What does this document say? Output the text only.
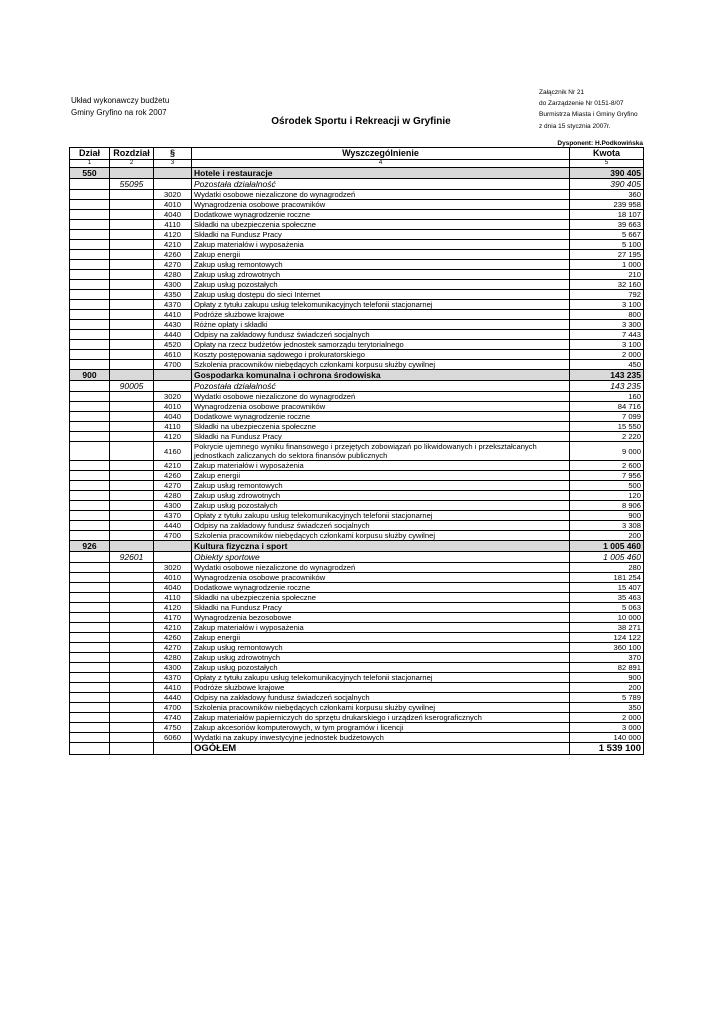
Układ wykonawczy budżetu
Gminy Gryfino na rok 2007
Załącznik Nr 21
do Zarządzenie Nr 0151-8/07
Burmistrza Miasta i Gminy Gryfino
z dnia 15 stycznia 2007r.
Ośrodek Sportu i Rekreacji w Gryfinie
Dysponent: H.Podkowińska
Dział	Rozdział	§	Wyszczególnienie	Kwota
1	2	3	4	5
550			Hotele i restauracje	390 405
	55095		Pozostała działalność	390 405
		3020	Wydatki osobowe niezaliczone do wynagrodzeń	360
		4010	Wynagrodzenia osobowe pracowników	239 958
		4040	Dodatkowe wynagrodzenie roczne	18 107
		4110	Składki na ubezpieczenia społeczne	39 663
		4120	Składki na Fundusz Pracy	5 667
		4210	Zakup materiałów i wyposażenia	5 100
		4260	Zakup energii	27 195
		4270	Zakup usług remontowych	1 000
		4280	Zakup usług zdrowotnych	210
		4300	Zakup usług pozostałych	32 160
		4350	Zakup usług dostępu do sieci Internet	792
		4370	Opłaty z tytułu zakupu usług telekomunikacyjnych telefonii stacjonarnej	3 100
		4410	Podróże służbowe krajowe	800
		4430	Różne opłaty i składki	3 300
		4440	Odpisy na zakładowy fundusz świadczeń socjalnych	7 443
		4520	Opłaty na rzecz budżetów jednostek samorządu terytorialnego	3 100
		4610	Koszty postępowania sądowego i prokuratorskiego	2 000
		4700	Szkolenia pracowników niebędących członkami korpusu służby cywilnej	450
900			Gospodarka komunalna i ochrona środowiska	143 235
	90005		Pozostała działalność	143 235
		3020	Wydatki osobowe niezaliczone do wynagrodzeń	160
		4010	Wynagrodzenia osobowe pracowników	84 716
		4040	Dodatkowe wynagrodzenie roczne	7 099
		4110	Składki na ubezpieczenia społeczne	15 550
		4120	Składki na Fundusz Pracy	2 220
		4160	Pokrycie ujemnego wyniku finansowego i przejętych zobowiązań po likwidowanych i przekształcanych jednostkach zaliczanych do sektora finansów publicznych	9 000
		4210	Zakup materiałów i wyposażenia	2 600
		4260	Zakup energii	7 956
		4270	Zakup usług remontowych	500
		4280	Zakup usług zdrowotnych	120
		4300	Zakup usług pozostałych	8 906
		4370	Opłaty z tytułu zakupu usług telekomunikacyjnych telefonii stacjonarnej	900
		4440	Odpisy na zakładowy fundusz świadczeń socjalnych	3 308
		4700	Szkolenia pracowników niebędących członkami korpusu służby cywilnej	200
926			Kultura fizyczna i sport	1 005 460
	92601		Obiekty sportowe	1 005 460
		3020	Wydatki osobowe niezaliczone do wynagrodzeń	280
		4010	Wynagrodzenia osobowe pracowników	181 254
		4040	Dodatkowe wynagrodzenie roczne	15 407
		4110	Składki na ubezpieczenia społeczne	35 463
		4120	Składki na Fundusz Pracy	5 063
		4170	Wynagrodzenia bezosobowe	10 000
		4210	Zakup materiałów i wyposażenia	38 271
		4260	Zakup energii	124 122
		4270	Zakup usług remontowych	360 100
		4280	Zakup usług zdrowotnych	370
		4300	Zakup usług pozostałych	82 891
		4370	Opłaty z tytułu zakupu usług telekomunikacyjnych telefonii stacjonarnej	900
		4410	Podróże służbowe krajowe	200
		4440	Odpisy na zakładowy fundusz świadczeń socjalnych	5 789
		4700	Szkolenia pracowników niebędących członkami korpusu służby cywilnej	350
		4740	Zakup materiałów papierniczych do sprzętu drukarskiego i urządzeń kserograficznych	2 000
		4750	Zakup akcesoriów komputerowych, w tym programów i licencji	3 000
		6060	Wydatki na zakupy inwestycyjne jednostek budżetowych	140 000
			OGÓŁEM	1 539 100
